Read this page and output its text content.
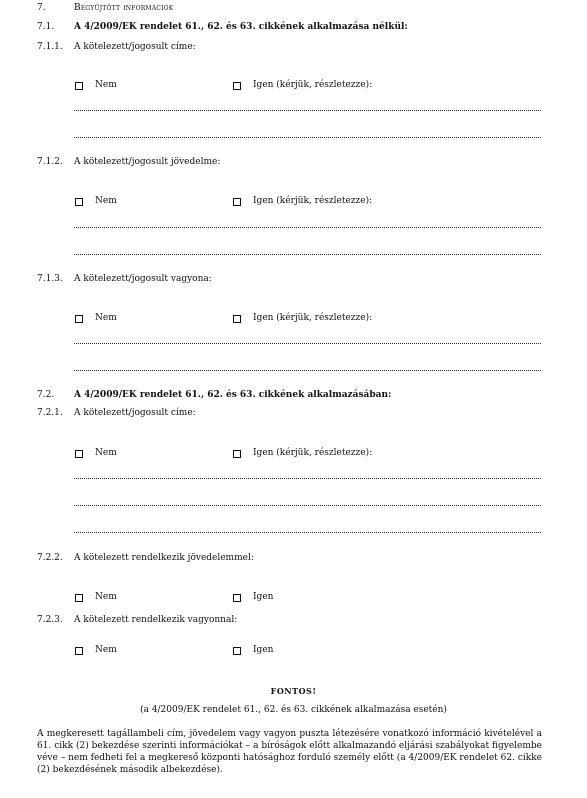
7.	Begyűjtött információk
7.1. A 4/2009/EK rendelet 61., 62. és 63. cikkének alkalmazása nélkül:
7.1.1. A kötelezett/jogosult címe:
Nem	Igen (kérjük, részletezze):
7.1.2. A kötelezett/jogosult jövedelme:
Nem	Igen (kérjük, részletezze):
7.1.3. A kötelezett/jogosult vagyona:
Nem	Igen (kérjük, részletezze):
7.2. A 4/2009/EK rendelet 61., 62. és 63. cikkének alkalmazásában:
7.2.1. A kötelezett/jogosult címe:
Nem	Igen (kérjük, részletezze):
7.2.2. A kötelezett rendelkezik jövedelemmel:
Nem	Igen
7.2.3. A kötelezett rendelkezik vagyonnal:
Nem	Igen
FONTOS!
(a 4/2009/EK rendelet 61., 62. és 63. cikkének alkalmazása esetén)
A megkeresett tagállambeli cím, jövedelem vagy vagyon puszta létezésére vonatkozó információ kivételével a 61. cikk (2) bekezdése szerinti információkat – a bíróságok előtt alkalmazandó eljárási szabályokat figyelembe véve – nem fedheti fel a megkereső központi hatósághoz forduló személy előtt (a 4/2009/EK rendelet 62. cikke (2) bekezdésének második albekezdése).
